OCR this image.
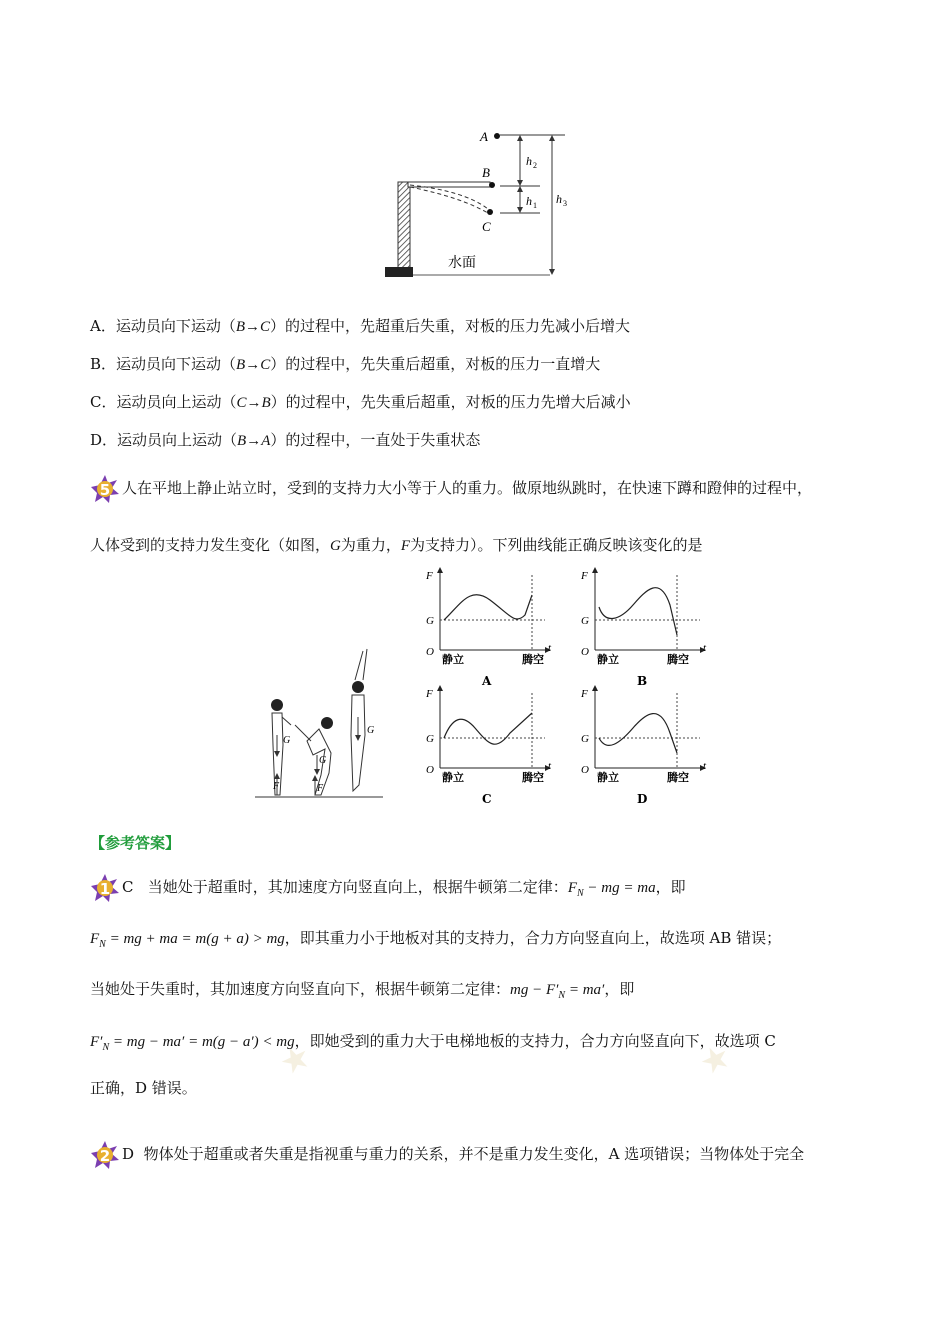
★	★
A
B
C
h 2
h 1 h 3
水面
A．运动员向下运动（B→C）的过程中，先超重后失重，对板的压力先减小后增大
B．运动员向下运动（B→C）的过程中，先失重后超重，对板的压力一直增大
C．运动员向上运动（C→B）的过程中，先失重后超重，对板的压力先增大后减小
D．运动员向上运动（B→A）的过程中，一直处于失重状态
5 人在平地上静止站立时，受到的支持力大小等于人的重力。做原地纵跳时，在快速下蹲和蹬伸的过程中，
人体受到的支持力发生变化（如图，G为重力，F为支持力）。下列曲线能正确反映该变化的是
G
F
G
F
G
F
G
O	t
静立	腾空
A
F
G
O	t
静立	腾空
B
F
G
O	t
静立	腾空
C
F
G
O	t
静立	腾空
D
【参考答案】
1 C 当她处于超重时，其加速度方向竖直向上，根据牛顿第二定律：$F_N$ − mg = ma，即
$F_N$ = mg + ma = m(g + a) > mg，即其重力小于地板对其的支持力，合力方向竖直向上，故选项 AB 错误；
当她处于失重时，其加速度方向竖直向下，根据牛顿第二定律：mg − $F'_N = ma'$，即
$F'_N$ = mg − ma′ = m(g − a′) < mg，即她受到的重力大于电梯地板的支持力，合力方向竖直向下，故选项 C
正确，D 错误。
2 D 物体处于超重或者失重是指视重与重力的关系，并不是重力发生变化，A 选项错误；当物体处于完全
